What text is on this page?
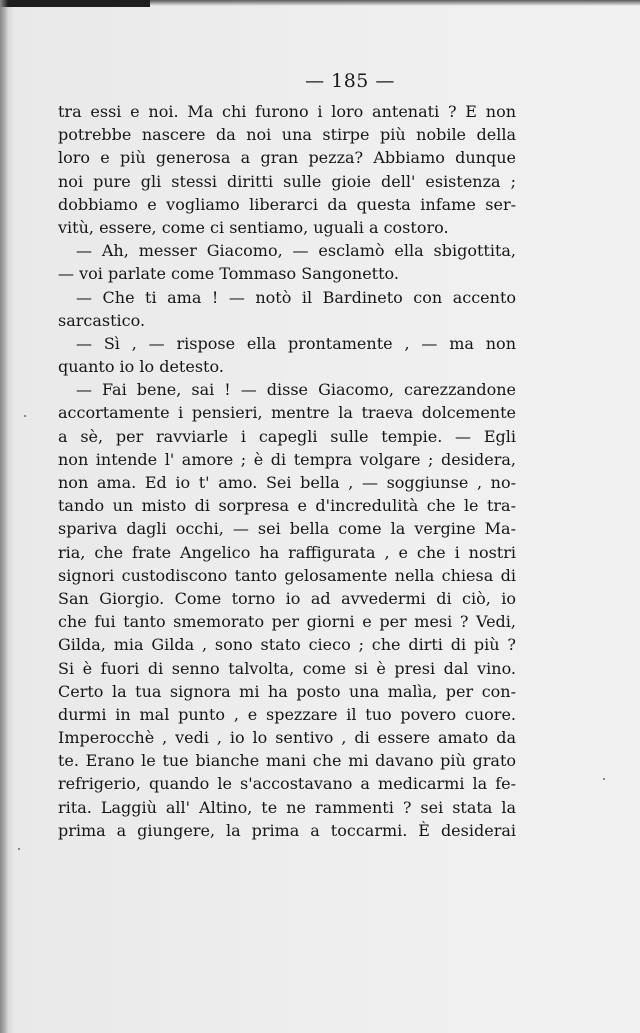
— 185 —
tra essi e noi. Ma chi furono i loro antenati ? E non
potrebbe nascere da noi una stirpe più nobile della
loro e più generosa a gran pezza? Abbiamo dunque
noi pure gli stessi diritti sulle gioie dell' esistenza ;
dobbiamo e vogliamo liberarci da questa infame ser-
vitù, essere, come ci sentiamo, uguali a costoro.
— Ah, messer Giacomo, — esclamò ella sbigottita,
— voi parlate come Tommaso Sangonetto.
— Che ti ama ! — notò il Bardineto con accento
sarcastico.
— Sì , — rispose ella prontamente , — ma non
quanto io lo detesto.
— Fai bene, sai ! — disse Giacomo, carezzandone
accortamente i pensieri, mentre la traeva dolcemente
a sè, per ravviarle i capegli sulle tempie. — Egli
non intende l' amore ; è di tempra volgare ; desidera,
non ama. Ed io t' amo. Sei bella , — soggiunse , no-
tando un misto di sorpresa e d'incredulità che le tra-
spariva dagli occhi, — sei bella come la vergine Ma-
ria, che frate Angelico ha raffigurata , e che i nostri
signori custodiscono tanto gelosamente nella chiesa di
San Giorgio. Come torno io ad avvedermi di ciò, io
che fui tanto smemorato per giorni e per mesi ? Vedi,
Gilda, mia Gilda , sono stato cieco ; che dirti di più ?
Si è fuori di senno talvolta, come si è presi dal vino.
Certo la tua signora mi ha posto una malìa, per con-
durmi in mal punto , e spezzare il tuo povero cuore.
Imperocchè , vedi , io lo sentivo , di essere amato da
te. Erano le tue bianche mani che mi davano più grato
refrigerio, quando le s'accostavano a medicarmi la fe-
rita. Laggiù all' Altino, te ne rammenti ? sei stata la
prima a giungere, la prima a toccarmi. È desiderai
